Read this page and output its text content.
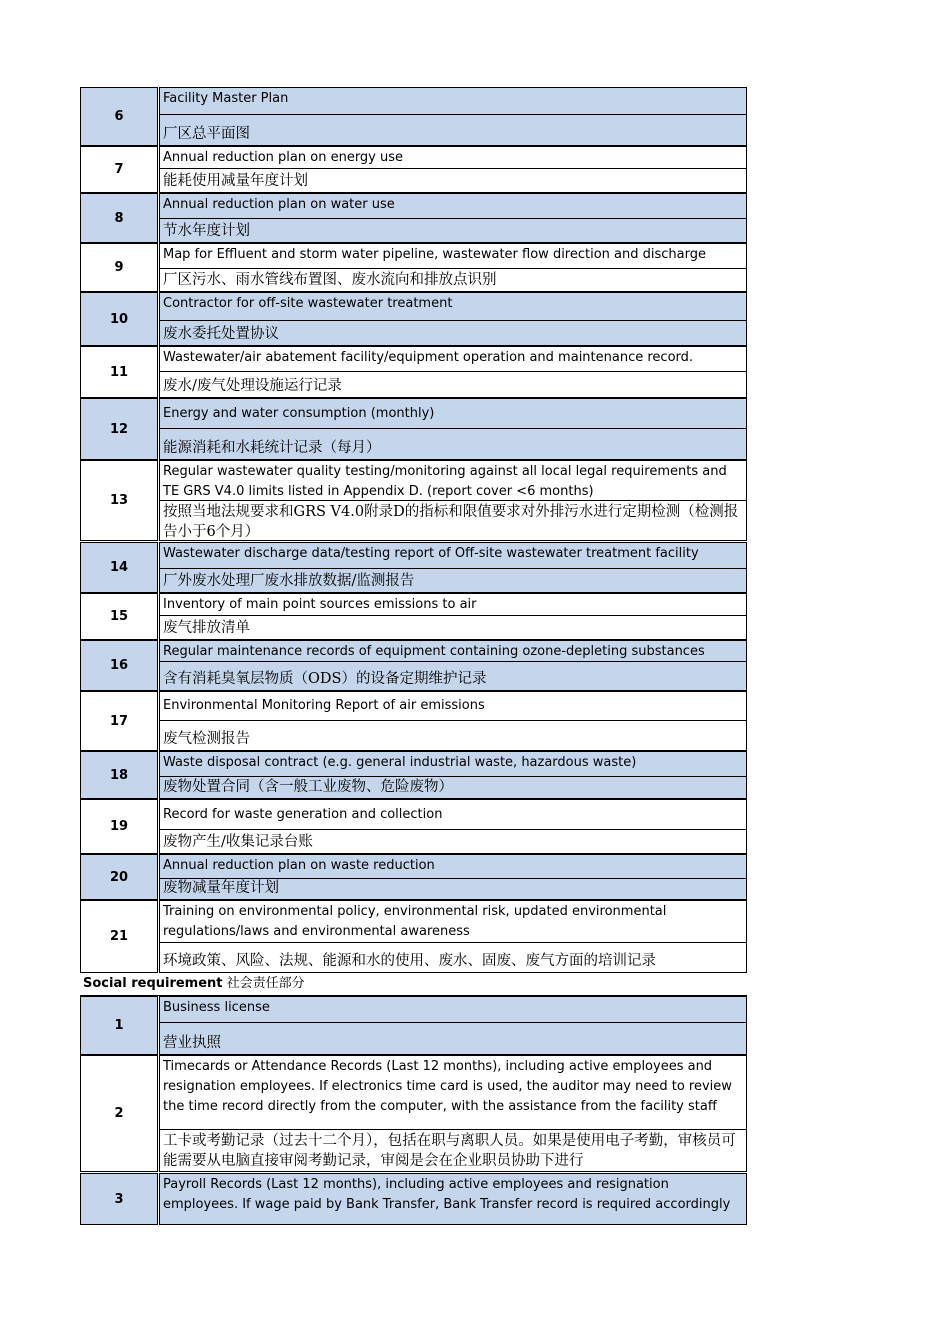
6
Facility Master Plan
厂区总平面图
7
Annual reduction plan on energy use
能耗使用减量年度计划
8
Annual reduction plan on water use
节水年度计划
9
Map for Effluent and storm water pipeline, wastewater flow direction and discharge
厂区污水、雨水管线布置图、废水流向和排放点识别
10
Contractor for off-site wastewater treatment
废水委托处置协议
11
Wastewater/air abatement facility/equipment operation and maintenance record.
废水/废气处理设施运行记录
12
Energy and water consumption (monthly)
能源消耗和水耗统计记录（每月）
13
Regular wastewater quality testing/monitoring against all local legal requirements and TE GRS V4.0 limits listed in Appendix D. (report cover <6 months)
按照当地法规要求和GRS V4.0附录D的指标和限值要求对外排污水进行定期检测（检测报告小于6个月）
14
Wastewater discharge data/testing report of Off-site wastewater treatment facility
厂外废水处理厂废水排放数据/监测报告
15
Inventory of main point sources emissions to air
废气排放清单
16
Regular maintenance records of equipment containing ozone-depleting substances
含有消耗臭氧层物质（ODS）的设备定期维护记录
17
Environmental Monitoring Report of air emissions
废气检测报告
18
Waste disposal contract (e.g. general industrial waste, hazardous waste)
废物处置合同（含一般工业废物、危险废物）
19
Record for waste generation and collection
废物产生/收集记录台账
20
Annual reduction plan on waste reduction
废物减量年度计划
21
Training on environmental policy, environmental risk, updated environmental regulations/laws and environmental awareness
环境政策、风险、法规、能源和水的使用、废水、固废、废气方面的培训记录
Social requirement 社会责任部分
1
Business license
营业执照
2
Timecards or Attendance Records (Last 12 months), including active employees and resignation employees. If electronics time card is used, the auditor may need to review the time record directly from the computer, with the assistance from the facility staff
工卡或考勤记录（过去十二个月），包括在职与离职人员。如果是使用电子考勤，审核员可能需要从电脑直接审阅考勤记录，审阅是会在企业职员协助下进行
3
Payroll Records (Last 12 months), including active employees and resignation employees. If wage paid by Bank Transfer, Bank Transfer record is required accordingly
